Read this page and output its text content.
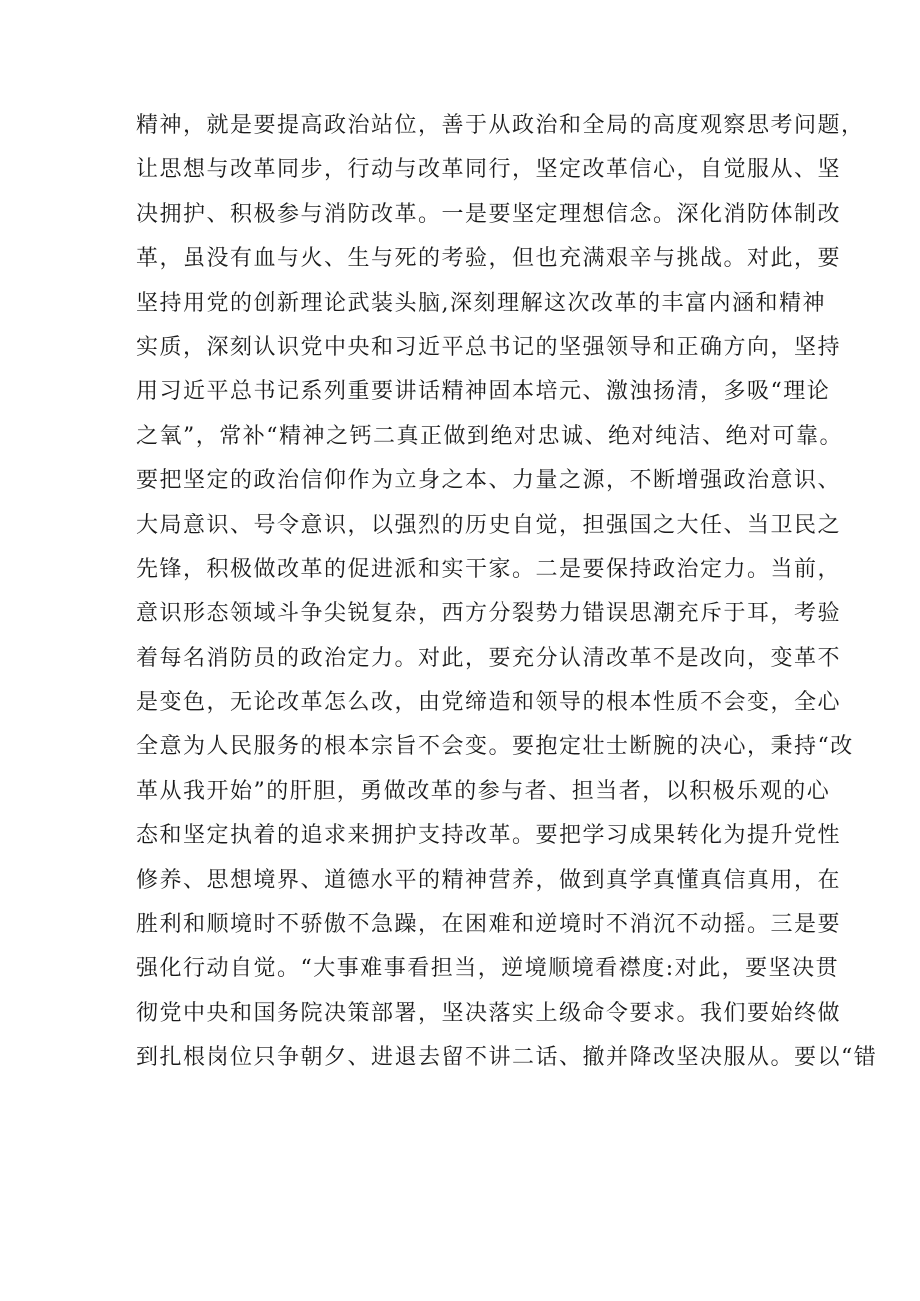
精神，就是要提高政治站位，善于从政治和全局的高度观察思考问题，
让思想与改革同步，行动与改革同行，坚定改革信心，自觉服从、坚
决拥护、积极参与消防改革。一是要坚定理想信念。深化消防体制改
革，虽没有血与火、生与死的考验，但也充满艰辛与挑战。对此，要
坚持用党的创新理论武装头脑,深刻理解这次改革的丰富内涵和精神
实质，深刻认识党中央和习近平总书记的坚强领导和正确方向，坚持
用习近平总书记系列重要讲话精神固本培元、激浊扬清，多吸“理论
之氧”，常补“精神之钙二真正做到绝对忠诚、绝对纯洁、绝对可靠。
要把坚定的政治信仰作为立身之本、力量之源，不断增强政治意识、
大局意识、号令意识，以强烈的历史自觉，担强国之大任、当卫民之
先锋，积极做改革的促进派和实干家。二是要保持政治定力。当前，
意识形态领域斗争尖锐复杂，西方分裂势力错误思潮充斥于耳，考验
着每名消防员的政治定力。对此，要充分认清改革不是改向，变革不
是变色，无论改革怎么改，由党缔造和领导的根本性质不会变，全心
全意为人民服务的根本宗旨不会变。要抱定壮士断腕的决心，秉持“改
革从我开始”的肝胆，勇做改革的参与者、担当者，以积极乐观的心
态和坚定执着的追求来拥护支持改革。要把学习成果转化为提升党性
修养、思想境界、道德水平的精神营养，做到真学真懂真信真用，在
胜利和顺境时不骄傲不急躁，在困难和逆境时不消沉不动摇。三是要
强化行动自觉。“大事难事看担当，逆境顺境看襟度:对此，要坚决贯
彻党中央和国务院决策部署，坚决落实上级命令要求。我们要始终做
到扎根岗位只争朝夕、进退去留不讲二话、撤并降改坚决服从。要以“错
